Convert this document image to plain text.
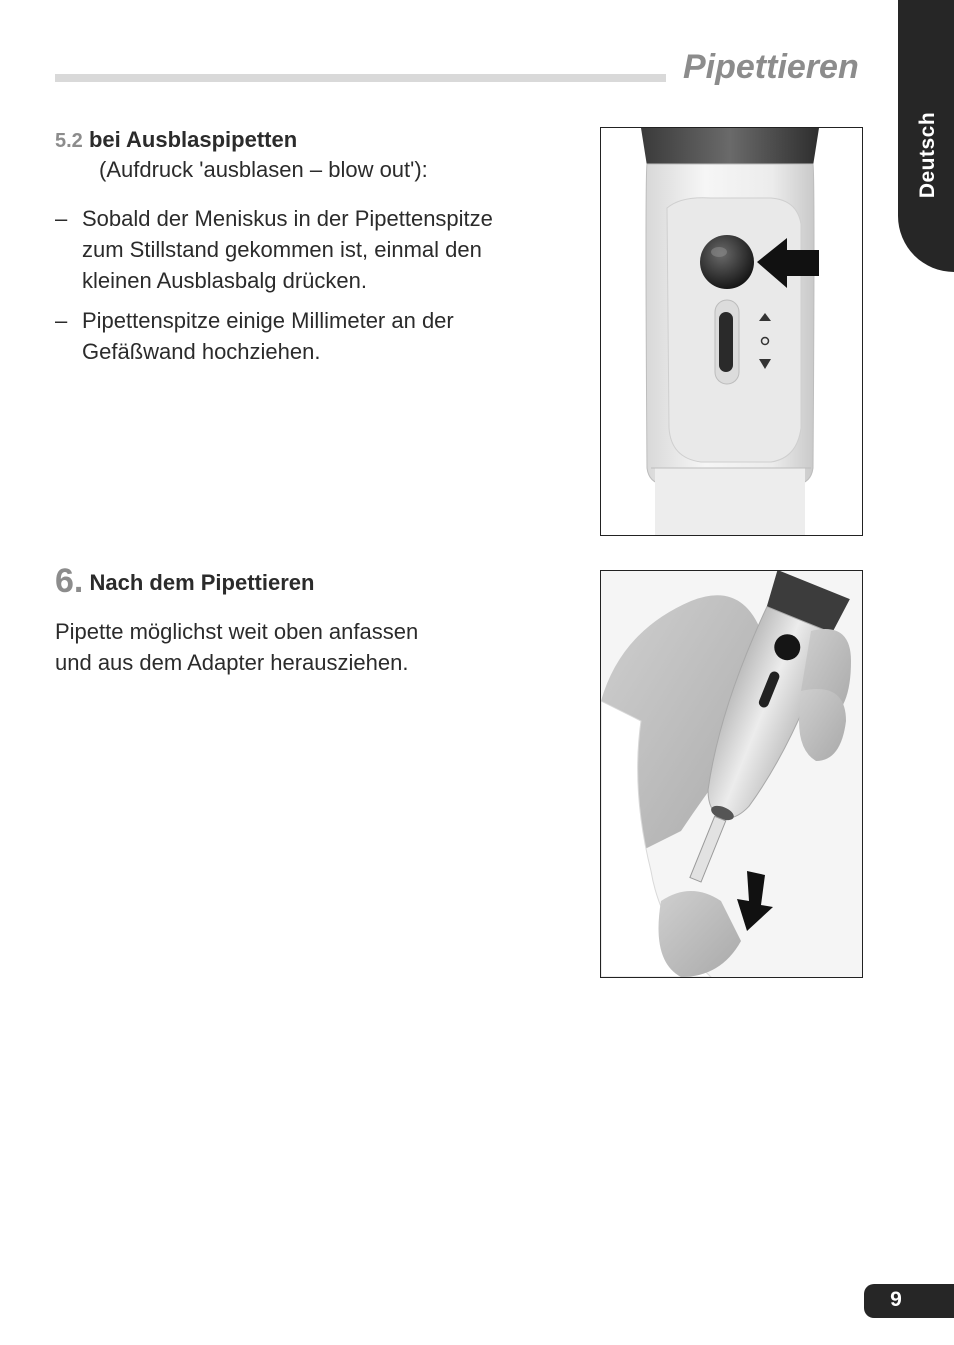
Pipettieren
Deutsch
5.2 bei Ausblaspipetten
(Aufdruck 'ausblasen – blow out'):
– Sobald der Meniskus in der Pipettenspitze
zum Stillstand gekommen ist, einmal den
kleinen Ausblasbalg drücken.
– Pipettenspitze einige Millimeter an der
Gefäßwand hochziehen.
6. Nach dem Pipettieren
Pipette möglichst weit oben anfassen
und aus dem Adapter herausziehen.
9
